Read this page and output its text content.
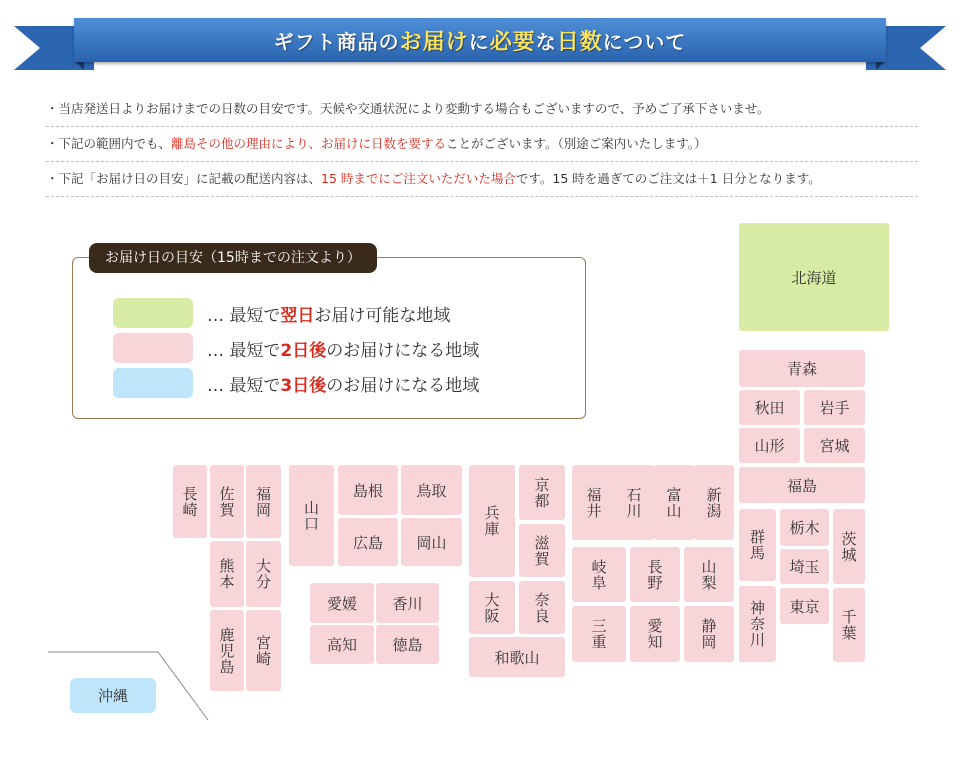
ギフト商品のお届けに必要な日数について
・当店発送日よりお届けまでの日数の目安です。天候や交通状況により変動する場合もございますので、予めご了承下さいませ。
・下記の範囲内でも、離島その他の理由により、お届けに日数を要することがございます。（別途ご案内いたします。）
・下記「お届け日の目安」に記載の配送内容は、15 時までにご注文いただいた場合です。15 時を過ぎてのご注文は＋1 日分となります。
お届け日の目安（15時までの注文より）
… 最短で翌日お届け可能な地域
… 最短で2日後のお届けになる地域
… 最短で3日後のお届けになる地域
北海道
青森
秋田	岩手
山形	宮城
福島
群馬
栃木
茨城
埼玉
神奈川	東京
千葉
福井	石川	富山	新潟
岐阜	長野	山梨
三重	愛知	静岡
兵庫
京都
滋賀
大阪	奈良
和歌山
山口
島根	鳥取
広島	岡山
愛媛	香川
高知	徳島
長崎	佐賀	福岡
熊本	大分
鹿児島	宮崎
沖縄
